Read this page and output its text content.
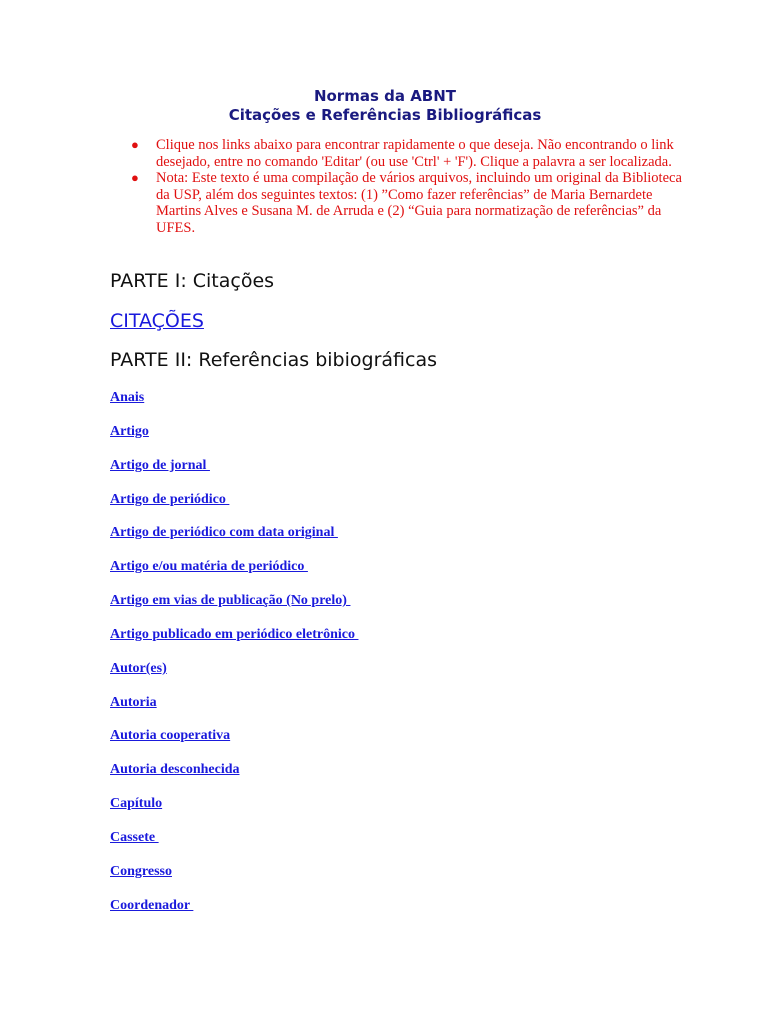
Normas da ABNT
Citações e Referências Bibliográficas
● Clique nos links abaixo para encontrar rapidamente o que deseja. Não encontrando o link desejado, entre no comando 'Editar' (ou use 'Ctrl' + 'F'). Clique a palavra a ser localizada.
● Nota: Este texto é uma compilação de vários arquivos, incluindo um original da Biblioteca da USP, além dos seguintes textos: (1) ”Como fazer referências” de Maria Bernardete Martins Alves e Susana M. de Arruda e (2) “Guia para normatização de referências” da UFES.
PARTE I: Citações
CITAÇÕES
PARTE II: Referências bibiográficas
Anais
Artigo
Artigo de jornal
Artigo de periódico
Artigo de periódico com data original
Artigo e/ou matéria de periódico
Artigo em vias de publicação (No prelo)
Artigo publicado em periódico eletrônico
Autor(es)
Autoria
Autoria cooperativa
Autoria desconhecida
Capítulo
Cassete
Congresso
Coordenador
